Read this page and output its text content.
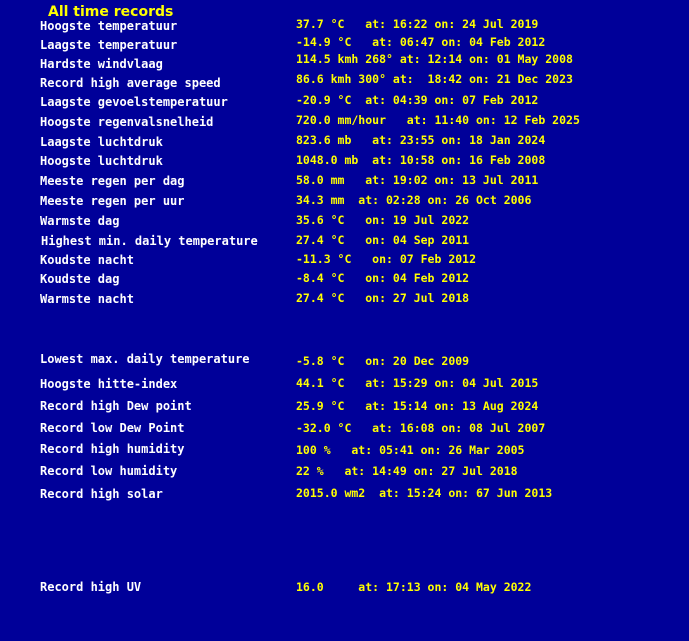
All time records
Hoogste temperatuur	37.7 °C   at: 16:22 on: 24 Jul 2019
Laagste temperatuur	-14.9 °C   at: 06:47 on: 04 Feb 2012
Hardste windvlaag	114.5 kmh 268° at: 12:14 on: 01 May 2008
Record high average speed	86.6 kmh 300° at:  18:42 on: 21 Dec 2023
Laagste gevoelstemperatuur	-20.9 °C  at: 04:39 on: 07 Feb 2012
Hoogste regenvalsnelheid	720.0 mm/hour   at: 11:40 on: 12 Feb 2025
Laagste luchtdruk	823.6 mb   at: 23:55 on: 18 Jan 2024
Hoogste luchtdruk	1048.0 mb  at: 10:58 on: 16 Feb 2008
Meeste regen per dag	58.0 mm   at: 19:02 on: 13 Jul 2011
Meeste regen per uur	34.3 mm  at: 02:28 on: 26 Oct 2006
Warmste dag	35.6 °C   on: 19 Jul 2022
Highest min. daily temperature	27.4 °C   on: 04 Sep 2011
Koudste nacht	-11.3 °C   on: 07 Feb 2012
Koudste dag	-8.4 °C   on: 04 Feb 2012
Warmste nacht	27.4 °C   on: 27 Jul 2018
Lowest max. daily temperature	-5.8 °C   on: 20 Dec 2009
Hoogste hitte-index	44.1 °C   at: 15:29 on: 04 Jul 2015
Record high Dew point	25.9 °C   at: 15:14 on: 13 Aug 2024
Record low Dew Point	-32.0 °C   at: 16:08 on: 08 Jul 2007
Record high humidity	100 %   at: 05:41 on: 26 Mar 2005
Record low humidity	22 %   at: 14:49 on: 27 Jul 2018
Record high solar	2015.0 wm2  at: 15:24 on: 67 Jun 2013
Record high UV	16.0     at: 17:13 on: 04 May 2022
